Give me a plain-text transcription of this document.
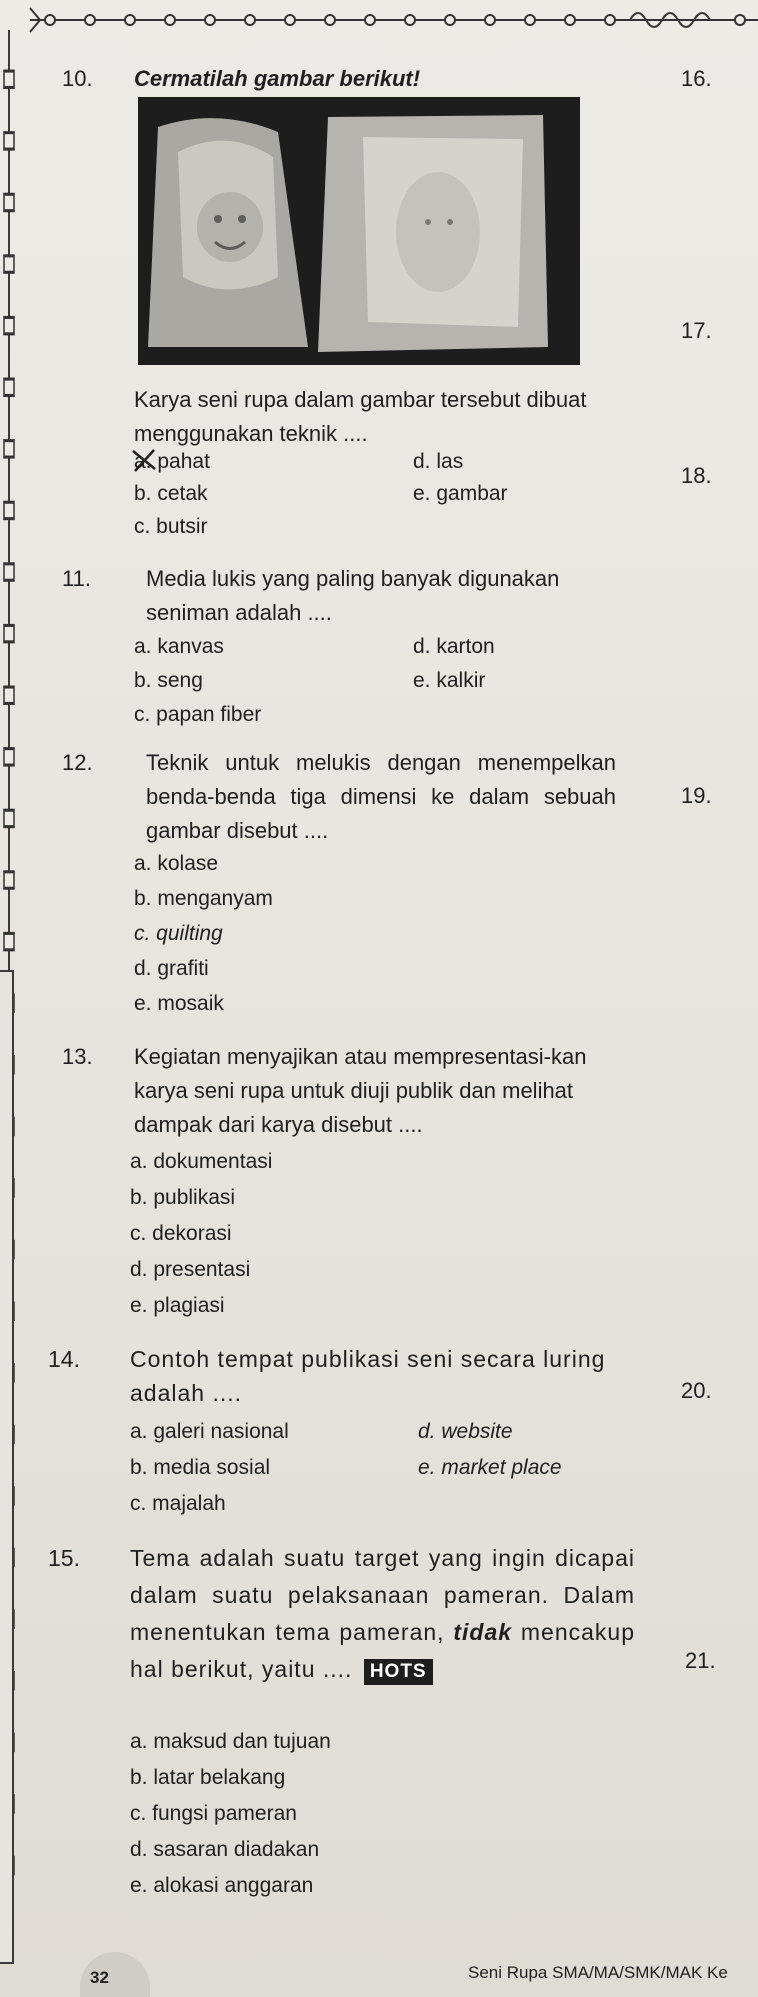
10. Cermatilah gambar berikut!
Karya seni rupa dalam gambar tersebut dibuat menggunakan teknik ....
a. pahat
b. cetak
c. butsir
d. las
e. gambar
11.	Media lukis yang paling banyak digunakan seniman adalah ....
a. kanvas
b. seng
c. papan fiber
d. karton
e. kalkir
12. Teknik untuk melukis dengan menempelkan benda-benda tiga dimensi ke dalam sebuah gambar disebut ....
a. kolase
b. menganyam
c. quilting
d. grafiti
e. mosaik
13. Kegiatan menyajikan atau mempresentasi-kan karya seni rupa untuk diuji publik dan melihat dampak dari karya disebut ....
a. dokumentasi
b. publikasi
c. dekorasi
d. presentasi
e. plagiasi
14. Contoh tempat publikasi seni secara luring adalah ....
a. galeri nasional
b. media sosial
c. majalah
d. website
e. market place
15. Tema adalah suatu target yang ingin dicapai dalam suatu pelaksanaan pameran. Dalam menentukan tema pameran, tidak mencakup hal berikut, yaitu .... HOTS
a. maksud dan tujuan
b. latar belakang
c. fungsi pameran
d. sasaran diadakan
e. alokasi anggaran
16.
17.
18.
19.
20.
21.
32	Seni Rupa SMA/MA/SMK/MAK Ke
